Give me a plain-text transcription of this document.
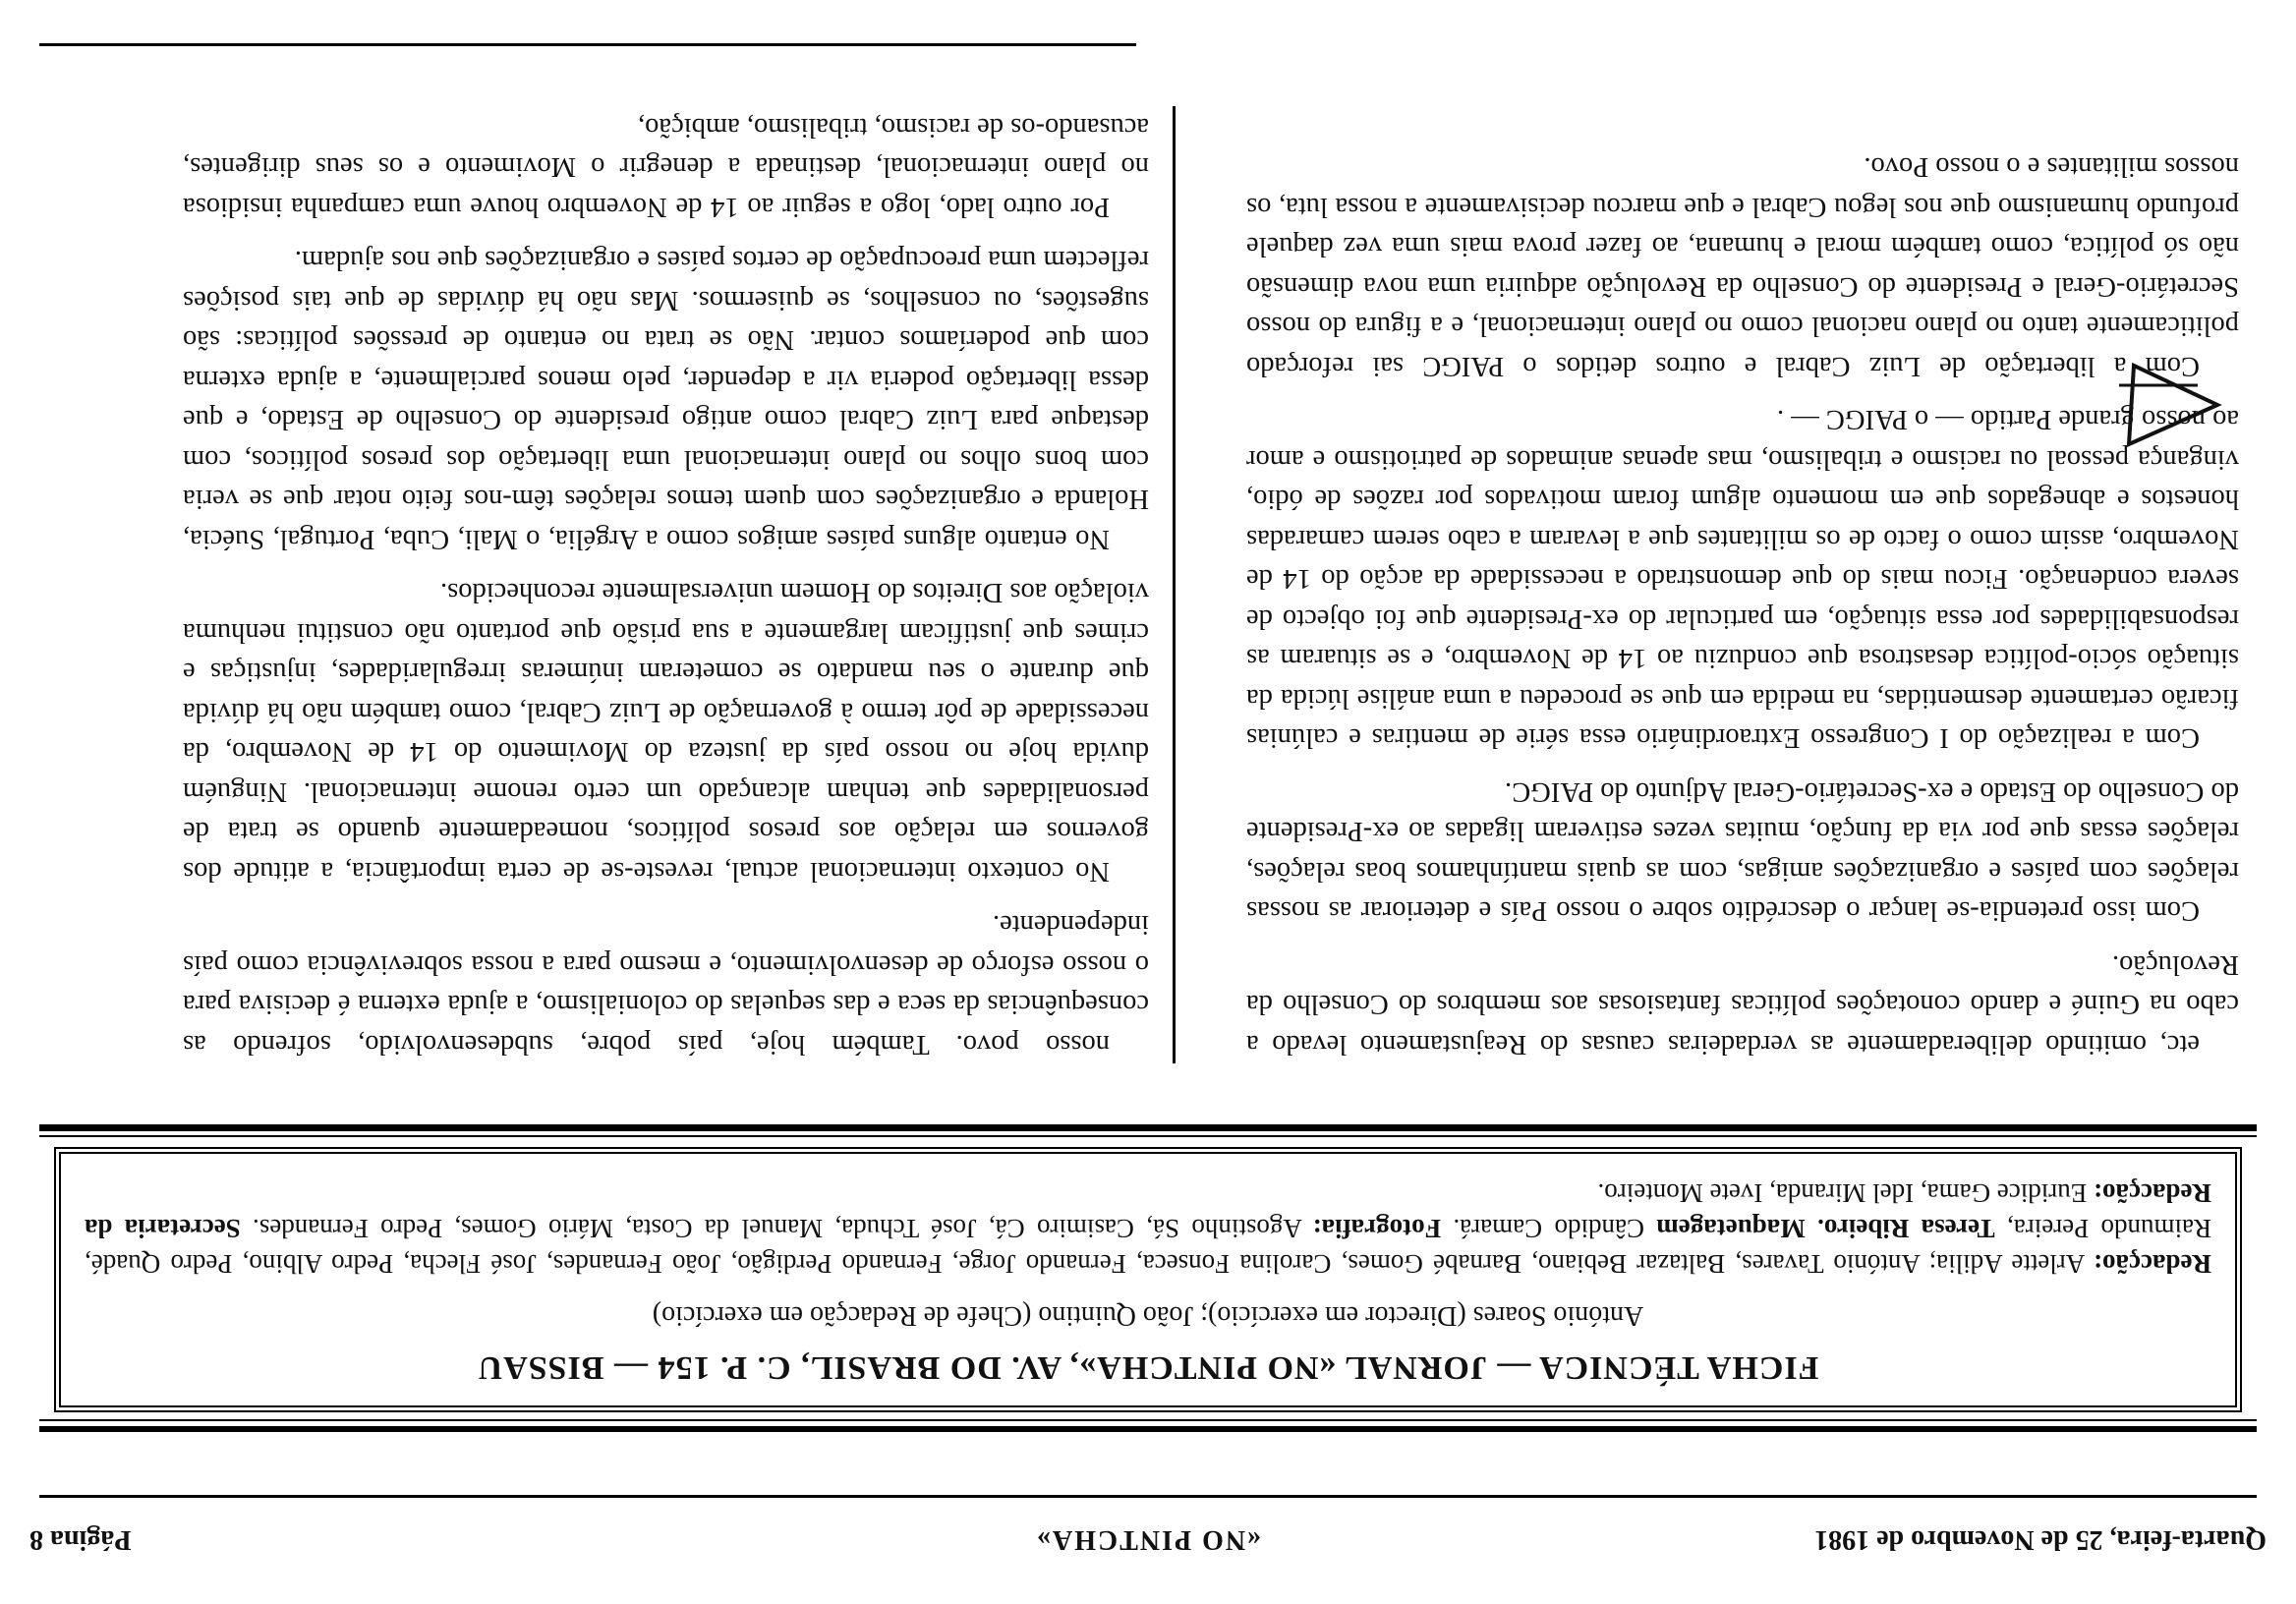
Quarta-feira, 25 de Novembro de 1981
«NO PINTCHA»
Página 8
FICHA TÉCNICA — JORNAL «NO PINTCHA», AV. DO BRASIL, C. P. 154 — BISSAU
António Soares (Director em exercício); João Quintino (Chefe de Redacção em exercício)
Redacção: Arlette Adilia; António Tavares, Baltazar Bebiano, Barnabé Gomes, Carolina Fonseca, Fernando Jorge, Fernando Perdigão, João Fernandes, José Flecha, Pedro Albino, Pedro Quadé, Raimundo Pereira, Teresa Ribeiro. Maquetagem Cândido Camará. Fotografia: Agostinho Sá, Casimiro Cá, José Tchuda, Manuel da Costa, Mário Gomes, Pedro Fernandes. Secretaria da Redacção: Euridice Gama, Idel Miranda, Ivete Monteiro.

etc, omitindo deliberadamente as verdadeiras causas do Reajustamento levado a cabo na Guiné e dando conotações políticas fantasiosas aos membros do Conselho da Revolução.

Com isso pretendia-se lançar o descrédito sobre o nosso País e deteriorar as nossas relações com países e organizações amigas, com as quais mantínhamos boas relações, relações essas que por via da função, muitas vezes estiveram ligadas ao ex-Presidente do Conselho do Estado e ex-Secretário-Geral Adjunto do PAIGC.

Com a realização do I Congresso Extraordinário essa série de mentiras e calúnias ficarão certamente desmentidas, na medida em que se procedeu a uma análise lúcida da situação sócio-política desastrosa que conduziu ao 14 de Novembro, e se situaram as responsabilidades por essa situação, em particular do ex-Presidente que foi objecto de severa condenação. Ficou mais do que demonstrado a necessidade da acção do 14 de Novembro, assim como o facto de os militantes que a levaram a cabo serem camaradas honestos e abnegados que em momento algum foram motivados por razões de ódio, vingança pessoal ou racismo e tribalismo, mas apenas animados de patriotismo e amor ao nosso grande Partido — o PAIGC — .

Com a libertação de Luiz Cabral e outros detidos o PAIGC sai reforçado politicamente tanto no plano nacional como no plano internacional, e a figura do nosso Secretário-Geral e Presidente do Conselho da Revolução adquiria uma nova dimensão não só política, como também moral e humana, ao fazer prova mais uma vez daquele profundo humanismo que nos legou Cabral e que marcou decisivamente a nossa luta, os nossos militantes e o nosso Povo.

nosso povo. Também hoje, país pobre, subdesenvolvido, sofrendo as consequências da seca e das sequelas do colonialismo, a ajuda externa é decisiva para o nosso esforço de desenvolvimento, e mesmo para a nossa sobrevivência como país independente.

No contexto internacional actual, reveste-se de certa importância, a atitude dos governos em relação aos presos políticos, nomeadamente quando se trata de personalidades que tenham alcançado um certo renome internacional. Ninguém duvida hoje no nosso país da justeza do Movimento do 14 de Novembro, da necessidade de pôr termo à governação de Luiz Cabral, como também não há dúvida que durante o seu mandato se cometeram inúmeras irregularidades, injustiças e crimes que justificam largamente a sua prisão que portanto não constitui nenhuma violação aos Direitos do Homem universalmente reconhecidos.

No entanto alguns países amigos como a Argélia, o Mali, Cuba, Portugal, Suécia, Holanda e organizações com quem temos relações têm-nos feito notar que se veria com bons olhos no plano internacional uma libertação dos presos políticos, com destaque para Luiz Cabral como antigo presidente do Conselho de Estado, e que dessa libertação poderia vir a depender, pelo menos parcialmente, a ajuda externa com que poderíamos contar. Não se trata no entanto de pressões políticas: são sugestões, ou conselhos, se quisermos. Mas não há dúvidas de que tais posições reflectem uma preocupação de certos países e organizações que nos ajudam.

Por outro lado, logo a seguir ao 14 de Novembro houve uma campanha insidiosa no plano internacional, destinada a denegrir o Movimento e os seus dirigentes, acusando-os de racismo, tribalismo, ambição,
